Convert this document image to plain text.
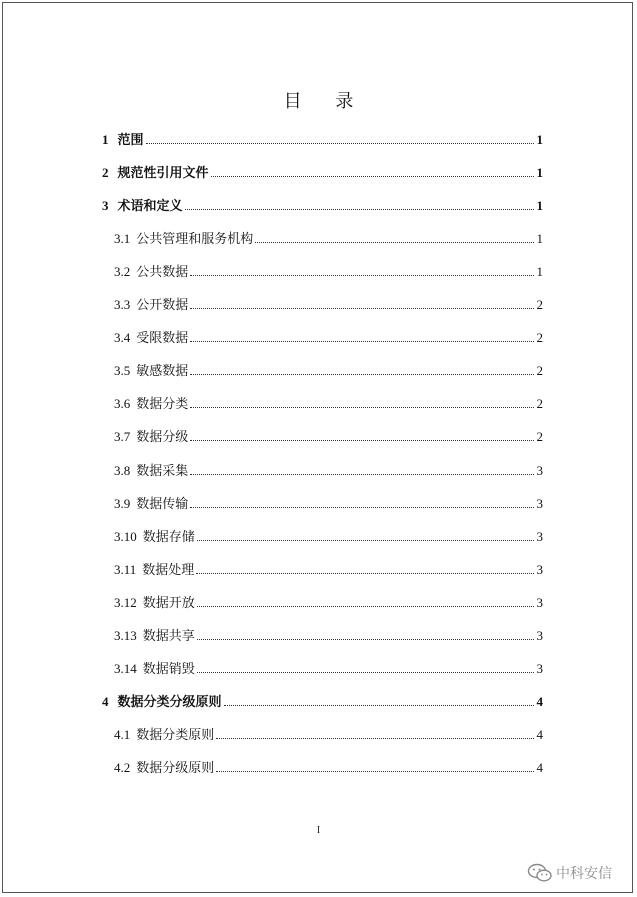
目 录
1 范围	1
2 规范性引用文件	1
3 术语和定义	1
3.1 公共管理和服务机构	1
3.2 公共数据	1
3.3 公开数据	2
3.4 受限数据	2
3.5 敏感数据	2
3.6 数据分类	2
3.7 数据分级	2
3.8 数据采集	3
3.9 数据传输	3
3.10 数据存储	3
3.11 数据处理	3
3.12 数据开放	3
3.13 数据共享	3
3.14 数据销毁	3
4 数据分类分级原则	4
4.1 数据分类原则	4
4.2 数据分级原则	4
I
中科安信
